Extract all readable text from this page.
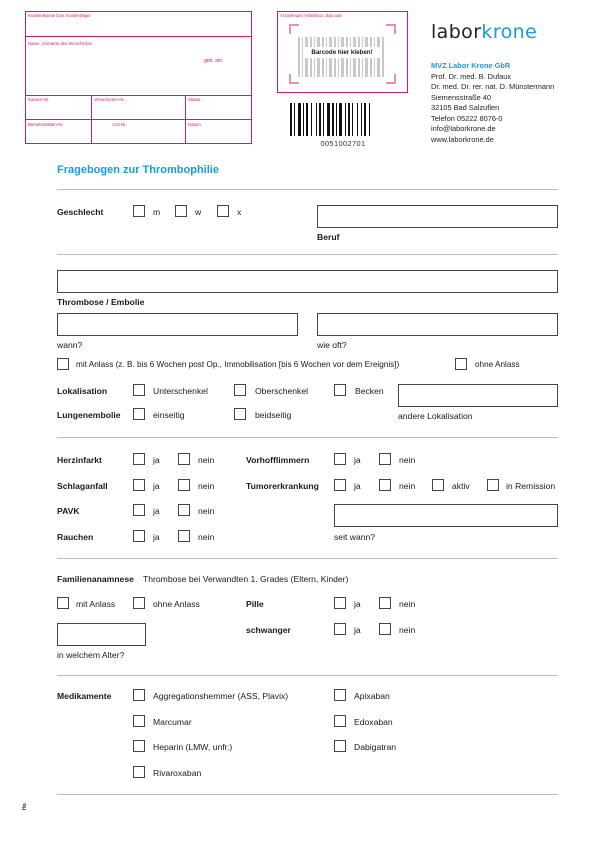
Krankenkasse bzw. Kostenträger
Name, Vorname des Versicherten
geb. am
Kassen-Nr.	Versicherten-Nr.	Status
Betriebsstätten-Nr.	Arzt-Nr.	Datum
Arztstempel / Klinikbox. Barcode
Barcode hier kleben!
0051002701
laborkrone
MVZ Labor Krone GbR
Prof. Dr. med. B. Dufaux
Dr. med. Dr. rer. nat. D. Münstermann
Siemensstraße 40
32105 Bad Salzuflen
Telefon 05222 8076-0
info@laborkrone.de
www.laborkrone.de
Fragebogen zur Thrombophilie
Geschlecht	m	w	x
Beruf
Thrombose / Embolie
wann?	wie oft?
mit Anlass (z. B. bis 6 Wochen post Op., Immobilisation [bis 6 Wochen vor dem Ereignis])	ohne Anlass
Lokalisation	Unterschenkel	Oberschenkel	Becken
andere Lokalisation
Lungenembolie	einseitig	beidseitig
Herzinfarkt	ja	nein	Vorhofflimmern	ja	nein
Schlaganfall	ja	nein	Tumorerkrankung	ja	nein	aktiv	in Remission
PAVK	ja	nein
Rauchen	ja	nein	seit wann?
Familienanamnese Thrombose bei Verwandten 1. Grades (Eltern, Kinder)
mit Anlass	ohne Anlass	Pille	ja	nein
schwanger	ja	nein
in welchem Alter?
Medikamente	Aggregationshemmer (ASS, Plavix)
Marcumar
Heparin (LMW, unfr.)
Rivaroxaban
Apixaban
Edoxaban
Dabigatran
Ho
